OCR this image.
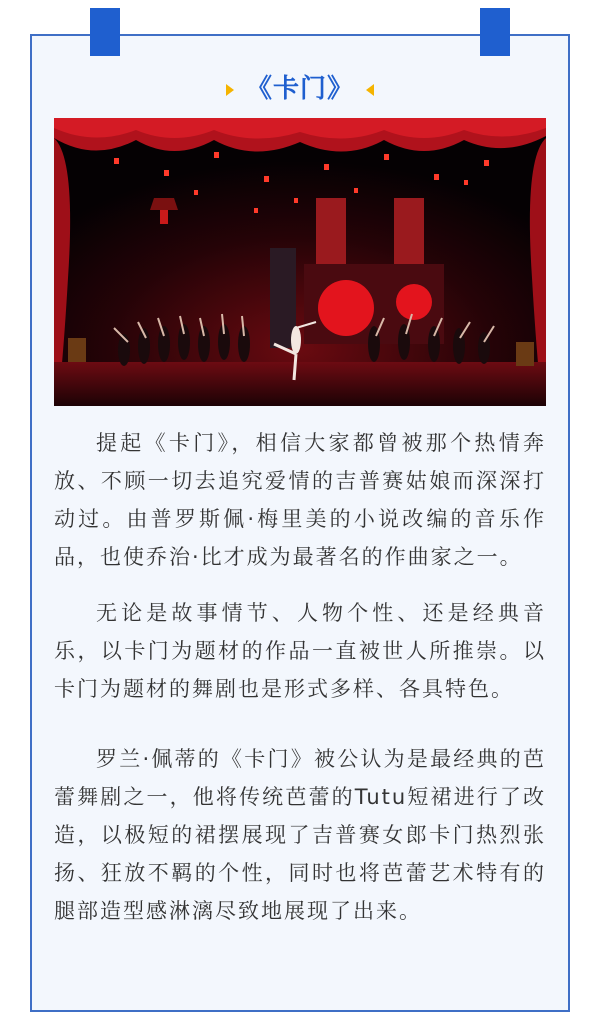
《卡门》

提起《卡门》，相信大家都曾被那个热情奔放、不顾一切去追究爱情的吉普赛姑娘而深深打动过。由普罗斯佩·梅里美的小说改编的音乐作品，也使乔治·比才成为最著名的作曲家之一。

无论是故事情节、人物个性、还是经典音乐，以卡门为题材的作品一直被世人所推崇。以卡门为题材的舞剧也是形式多样、各具特色。

罗兰·佩蒂的《卡门》被公认为是最经典的芭蕾舞剧之一，他将传统芭蕾的Tutu短裙进行了改造，以极短的裙摆展现了吉普赛女郎卡门热烈张扬、狂放不羁的个性，同时也将芭蕾艺术特有的腿部造型感淋漓尽致地展现了出来。
